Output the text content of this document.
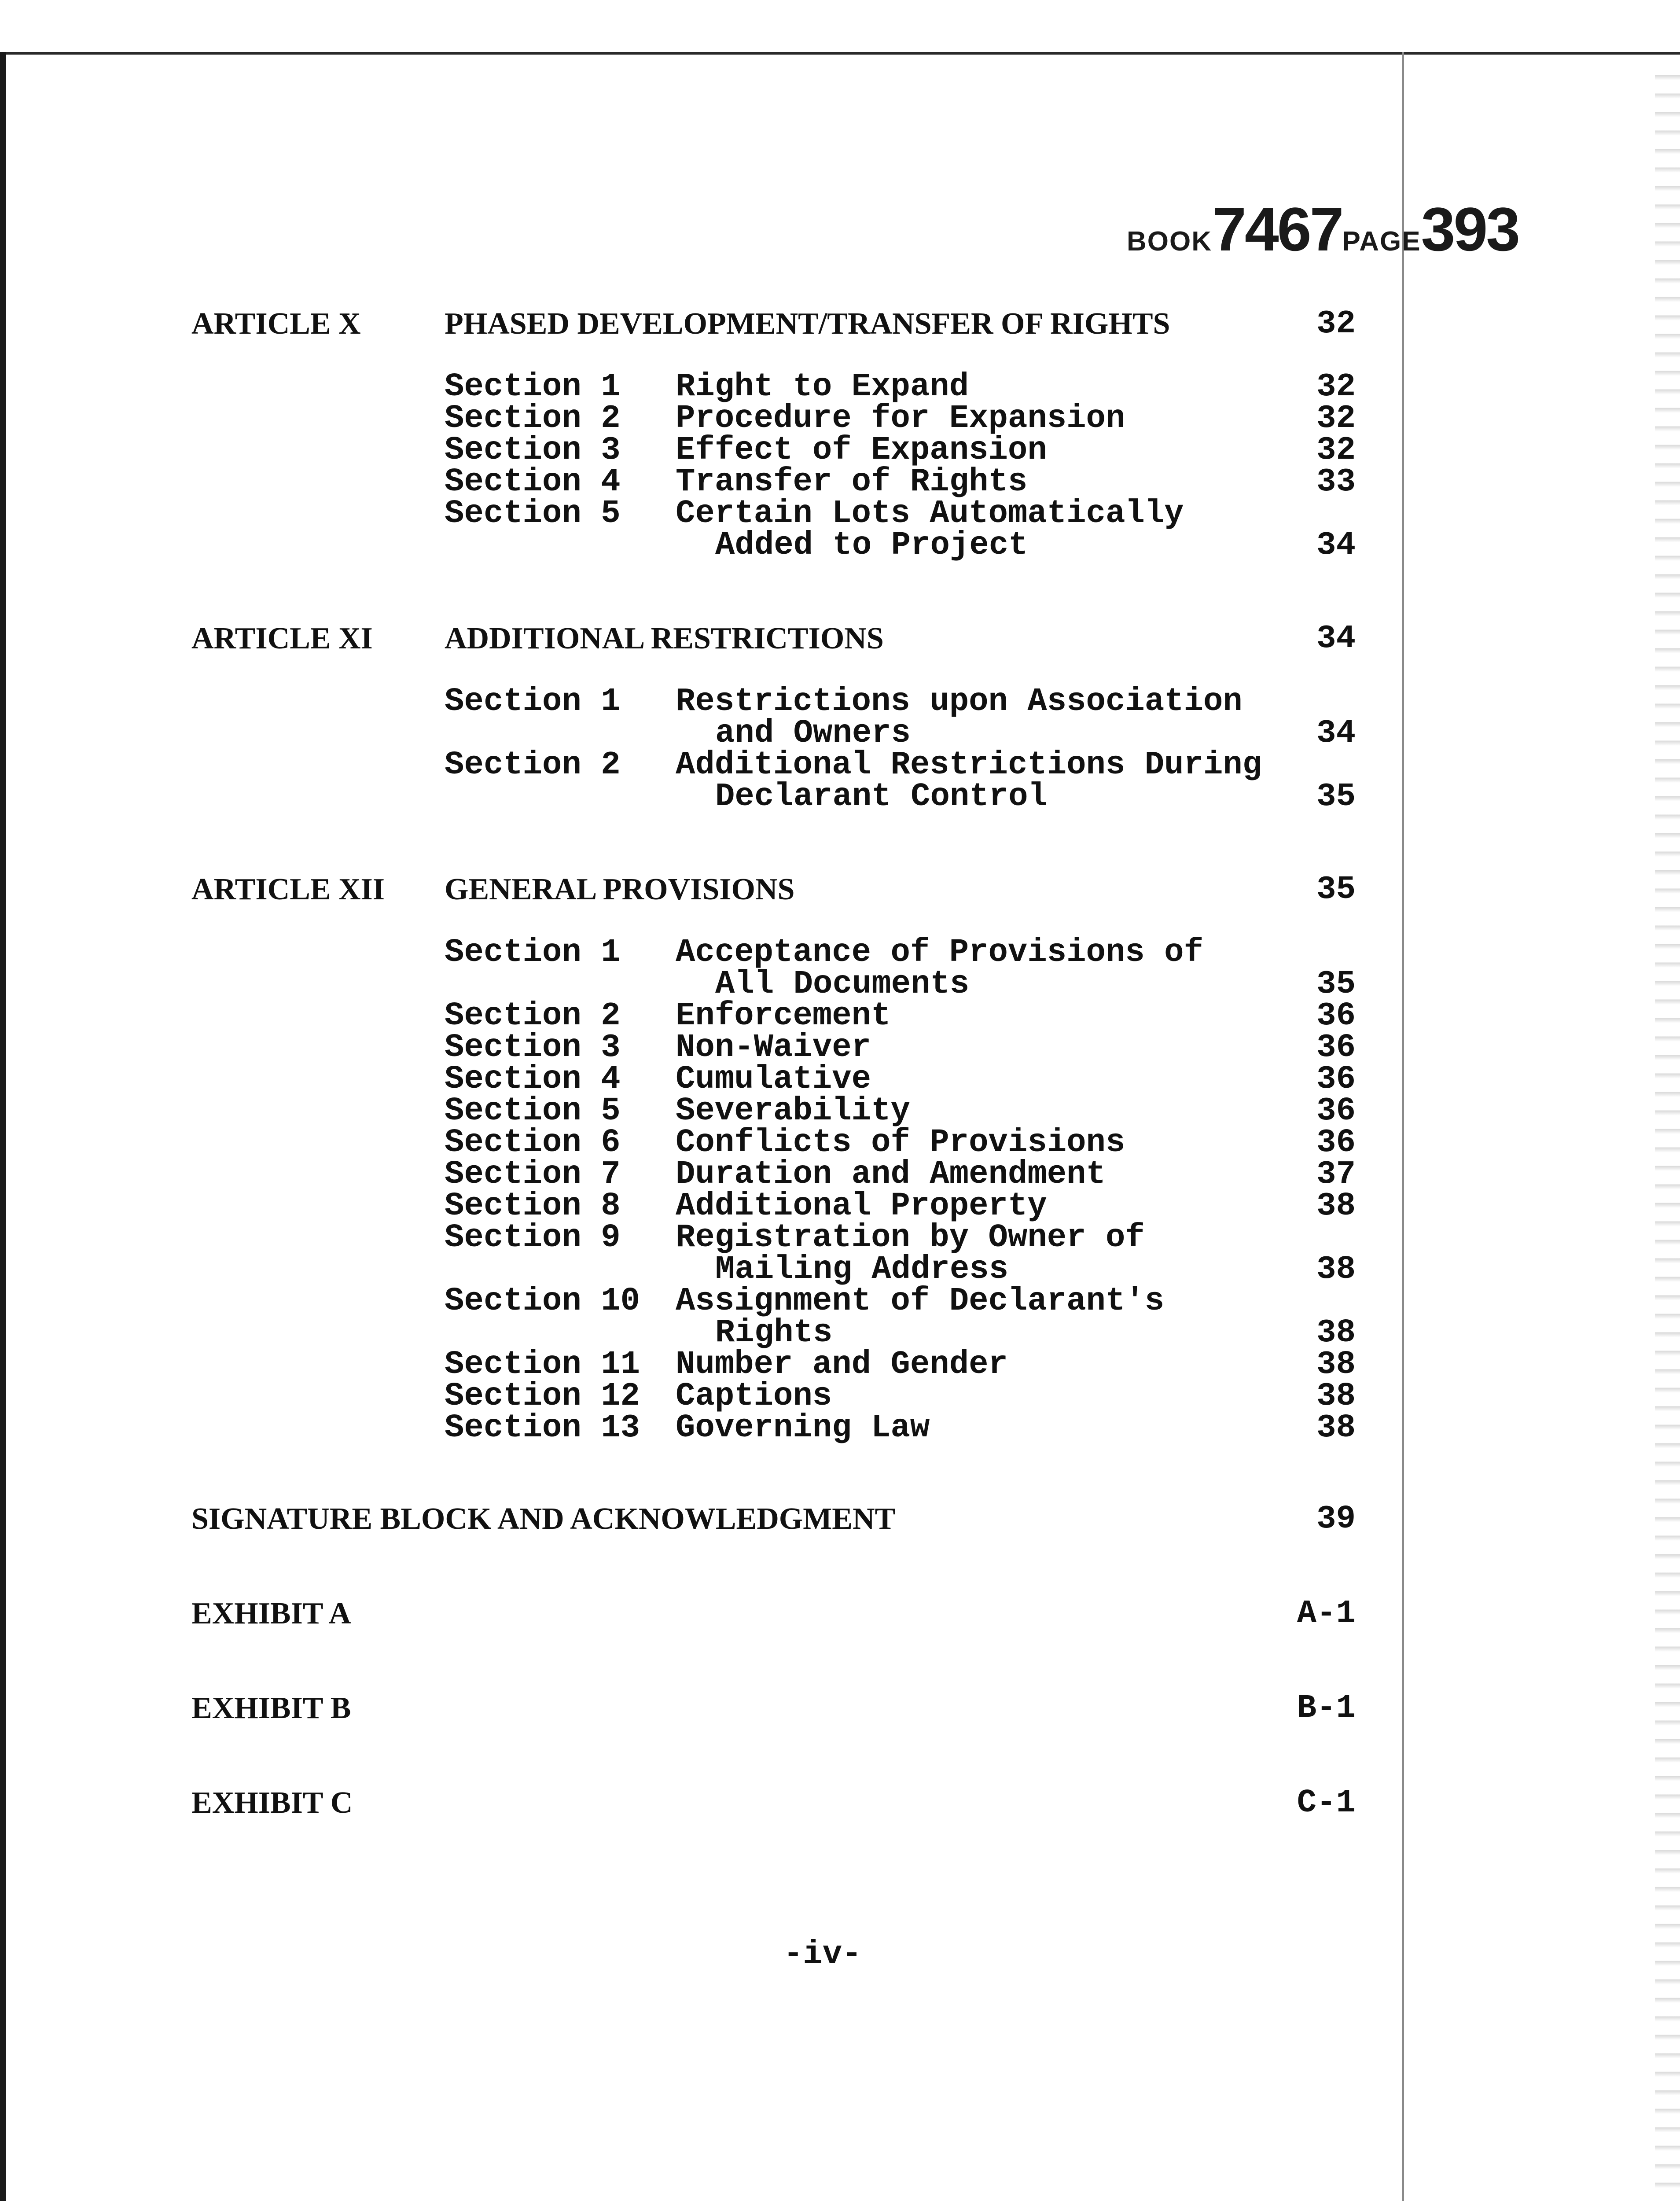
BOOK7467PAGE393
ARTICLE X	PHASED DEVELOPMENT/TRANSFER OF RIGHTS	32
Section 1 Right to Expand	32
Section 2 Procedure for Expansion	32
Section 3 Effect of Expansion	32
Section 4 Transfer of Rights	33
Section 5 Certain Lots Automatically
Added to Project	34
ARTICLE XI ADDITIONAL RESTRICTIONS	34
Section 1 Restrictions upon Association
and Owners	34
Section 2 Additional Restrictions During
Declarant Control	35
ARTICLE XII GENERAL PROVISIONS	35
Section 1 Acceptance of Provisions of
All Documents	35
Section 2 Enforcement	36
Section 3 Non-Waiver	36
Section 4 Cumulative	36
Section 5 Severability	36
Section 6 Conflicts of Provisions	36
Section 7 Duration and Amendment	37
Section 8 Additional Property	38
Section 9 Registration by Owner of
Mailing Address	38
Section 10 Assignment of Declarant's
Rights	38
Section 11 Number and Gender	38
Section 12 Captions	38
Section 13 Governing Law	38
SIGNATURE BLOCK AND ACKNOWLEDGMENT	39
EXHIBIT A	A-1
EXHIBIT B	B-1
EXHIBIT C	C-1
-iv-
